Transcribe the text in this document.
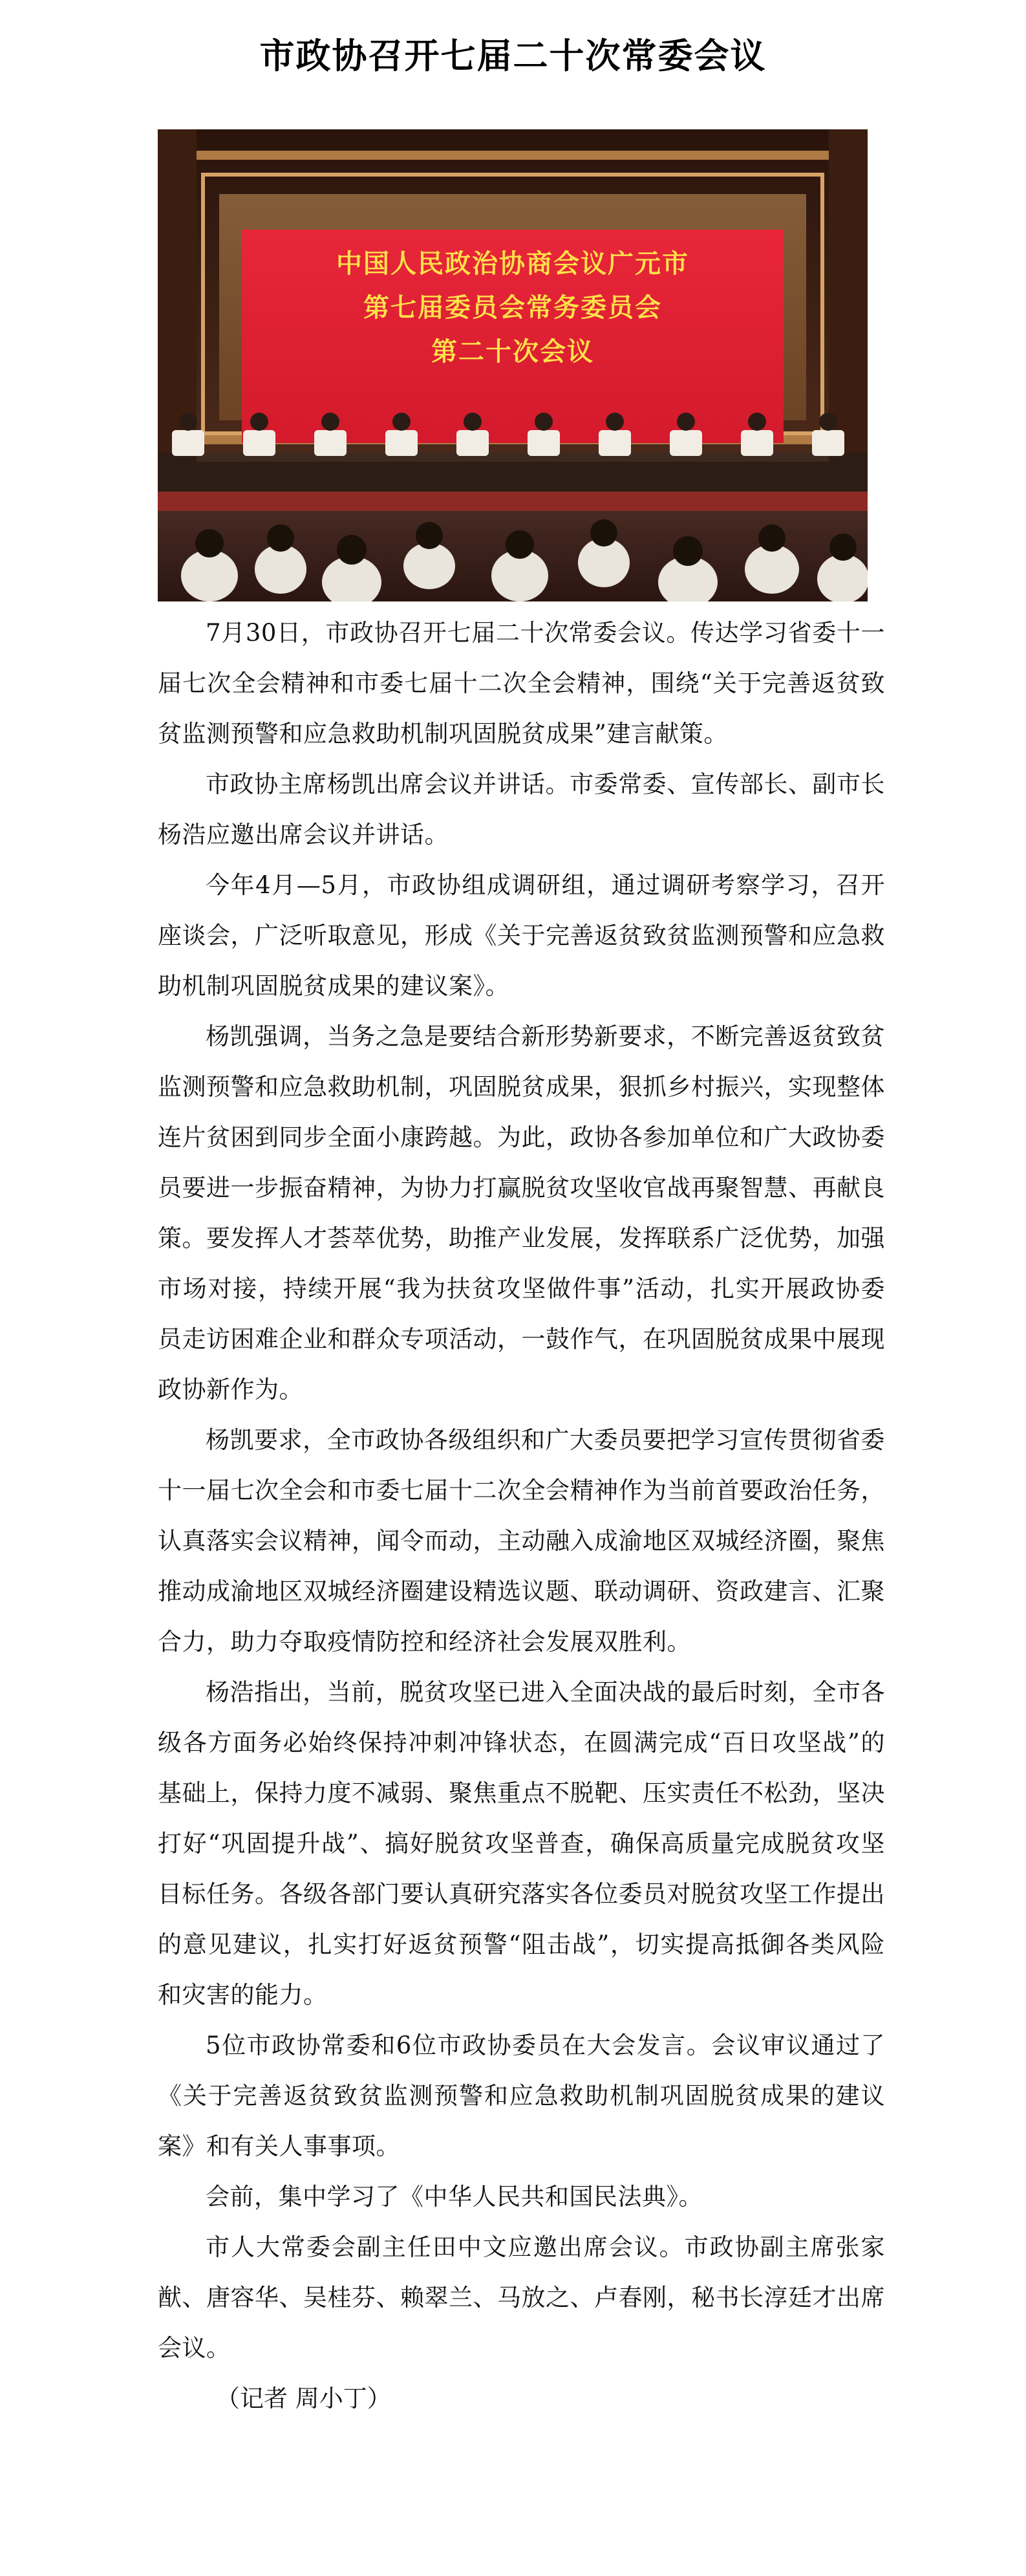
市政协召开七届二十次常委会议
中国人民政治协商会议广元市
第七届委员会常务委员会
第二十次会议

7月30日，市政协召开七届二十次常委会议。传达学习省委十一届七次全会精神和市委七届十二次全会精神，围绕“关于完善返贫致贫监测预警和应急救助机制巩固脱贫成果”建言献策。

市政协主席杨凯出席会议并讲话。市委常委、宣传部长、副市长杨浩应邀出席会议并讲话。

今年4月—5月，市政协组成调研组，通过调研考察学习，召开座谈会，广泛听取意见，形成《关于完善返贫致贫监测预警和应急救助机制巩固脱贫成果的建议案》。

杨凯强调，当务之急是要结合新形势新要求，不断完善返贫致贫监测预警和应急救助机制，巩固脱贫成果，狠抓乡村振兴，实现整体连片贫困到同步全面小康跨越。为此，政协各参加单位和广大政协委员要进一步振奋精神，为协力打赢脱贫攻坚收官战再聚智慧、再献良策。要发挥人才荟萃优势，助推产业发展，发挥联系广泛优势，加强市场对接，持续开展“我为扶贫攻坚做件事”活动，扎实开展政协委员走访困难企业和群众专项活动，一鼓作气，在巩固脱贫成果中展现政协新作为。

杨凯要求，全市政协各级组织和广大委员要把学习宣传贯彻省委十一届七次全会和市委七届十二次全会精神作为当前首要政治任务，认真落实会议精神，闻令而动，主动融入成渝地区双城经济圈，聚焦推动成渝地区双城经济圈建设精选议题、联动调研、资政建言、汇聚合力，助力夺取疫情防控和经济社会发展双胜利。

杨浩指出，当前，脱贫攻坚已进入全面决战的最后时刻，全市各级各方面务必始终保持冲刺冲锋状态，在圆满完成“百日攻坚战”的基础上，保持力度不减弱、聚焦重点不脱靶、压实责任不松劲，坚决打好“巩固提升战”、搞好脱贫攻坚普查，确保高质量完成脱贫攻坚目标任务。各级各部门要认真研究落实各位委员对脱贫攻坚工作提出的意见建议，扎实打好返贫预警“阻击战”，切实提高抵御各类风险和灾害的能力。

5位市政协常委和6位市政协委员在大会发言。会议审议通过了《关于完善返贫致贫监测预警和应急救助机制巩固脱贫成果的建议案》和有关人事事项。

会前，集中学习了《中华人民共和国民法典》。

市人大常委会副主任田中文应邀出席会议。市政协副主席张家猷、唐容华、吴桂芬、赖翠兰、马放之、卢春刚，秘书长淳廷才出席会议。

（记者 周小丁）
